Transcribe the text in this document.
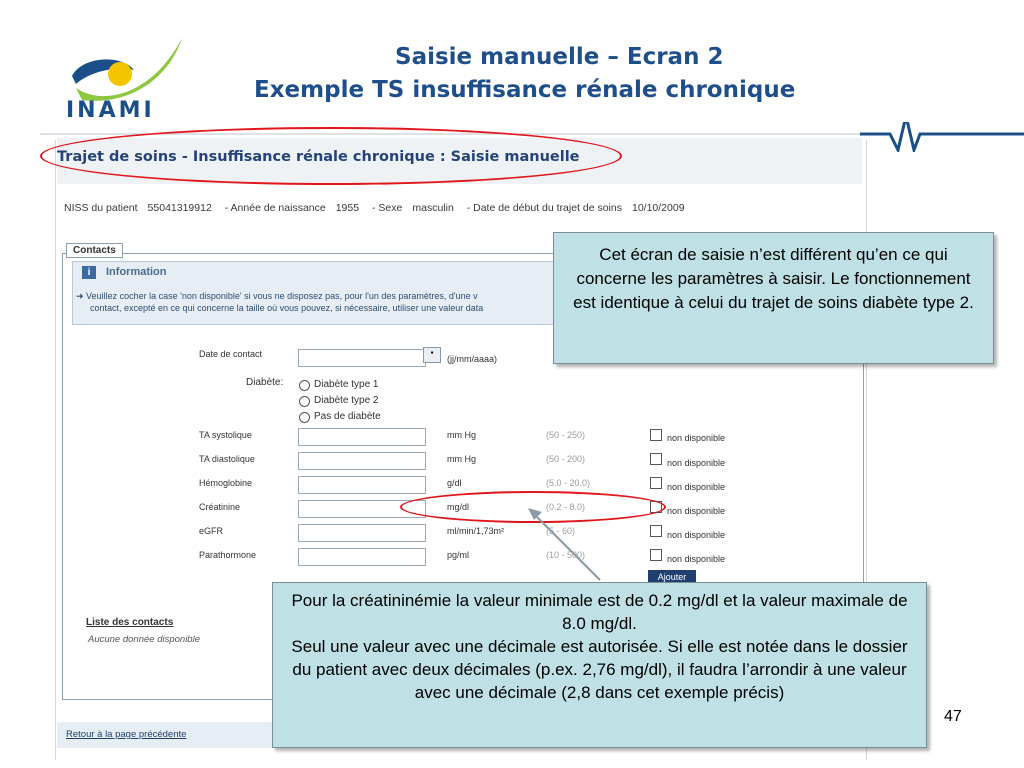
INAMI
Saisie manuelle – Ecran 2
Exemple TS insuffisance rénale chronique
Trajet de soins - Insuffisance rénale chronique : Saisie manuelle
NISS du patient 55041319912 - Année de naissance 1955 - Sexe masculin - Date de début du trajet de soins 10/10/2009
Contacts
i	Information
➜ Veuillez cocher la case 'non disponible' si vous ne disposez pas, pour l'un des paramètres, d'une v
contact, excepté en ce qui concerne la taille où vous pouvez, si nécessaire, utiliser une valeur data
Date de contact	▪
(jj/mm/aaaa)
Diabète:	Diabète type 1
Diabète type 2
Pas de diabète
TA systolique	mm Hg	(50 - 250)	non disponible
TA diastolique	mm Hg	(50 - 200)	non disponible
Hémoglobine	g/dl	(5.0 - 20.0)	non disponible
Créatinine	mg/dl	(0.2 - 8.0)	non disponible
eGFR	ml/min/1,73m²	(5 - 60)	non disponible
Parathormone	pg/ml	(10 - 500)	non disponible
Ajouter
Liste des contacts
Aucune donnée disponible
Retour à la page précédente
Cet écran de saisie n’est différent qu’en ce qui concerne les paramètres à saisir. Le fonctionnement est identique à celui du trajet de soins diabète type 2.
Pour la créatininémie la valeur minimale est de 0.2 mg/dl et la valeur maximale de 8.0 mg/dl.
Seul une valeur avec une décimale est autorisée. Si elle est notée dans le dossier du patient avec deux décimales (p.ex. 2,76 mg/dl), il faudra l’arrondir à une valeur avec une décimale (2,8 dans cet exemple précis)
47
